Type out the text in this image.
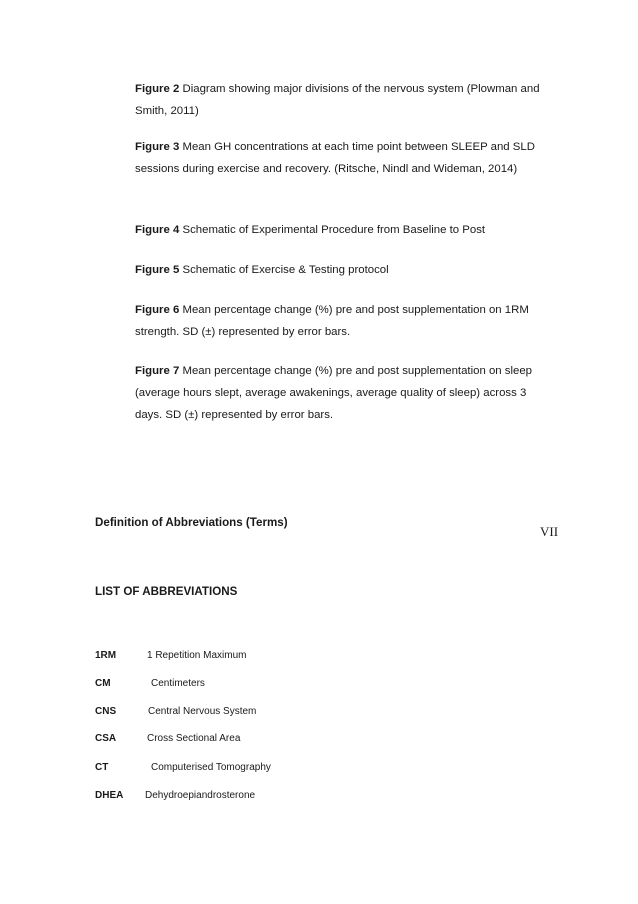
Figure 2 Diagram showing major divisions of the nervous system (Plowman and Smith, 2011)
Figure 3 Mean GH concentrations at each time point between SLEEP and SLD sessions during exercise and recovery. (Ritsche, Nindl and Wideman, 2014)
Figure 4 Schematic of Experimental Procedure from Baseline to Post
Figure 5 Schematic of Exercise & Testing protocol
Figure 6 Mean percentage change (%) pre and post supplementation on 1RM strength. SD (±) represented by error bars.
Figure 7 Mean percentage change (%) pre and post supplementation on sleep (average hours slept, average awakenings, average quality of sleep) across 3 days. SD (±) represented by error bars.
Definition of Abbreviations (Terms)
VII
LIST OF ABBREVIATIONS
1RM	1 Repetition Maximum
CM	Centimeters
CNS	Central Nervous System
CSA	Cross Sectional Area
CT	Computerised Tomography
DHEA Dehydroepiandrosterone
